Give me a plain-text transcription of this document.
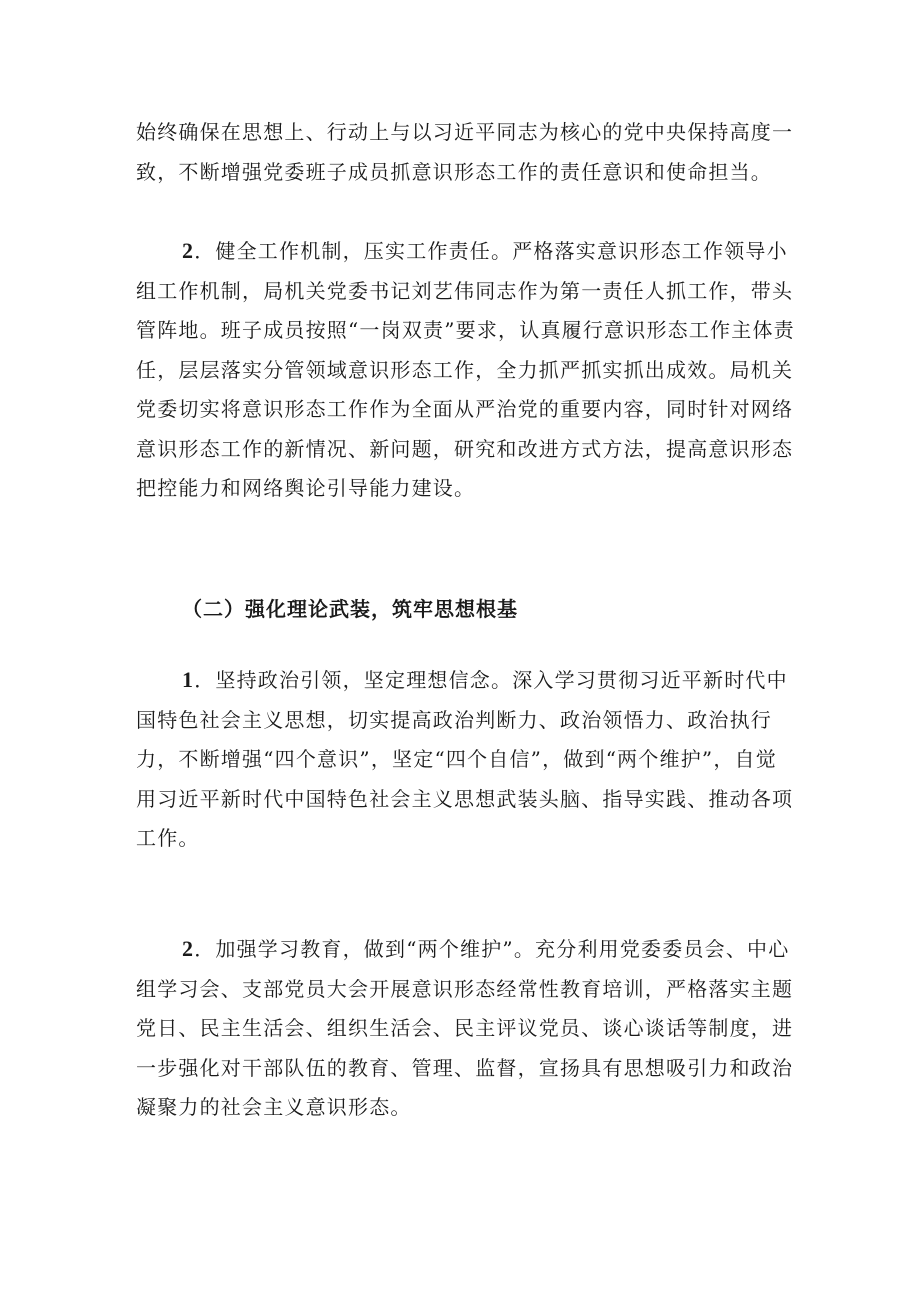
始终确保在思想上、行动上与以习近平同志为核心的党中央保持高度一致，不断增强党委班子成员抓意识形态工作的责任意识和使命担当。

2．健全工作机制，压实工作责任。严格落实意识形态工作领导小组工作机制，局机关党委书记刘艺伟同志作为第一责任人抓工作，带头管阵地。班子成员按照“一岗双责”要求，认真履行意识形态工作主体责任，层层落实分管领域意识形态工作，全力抓严抓实抓出成效。局机关党委切实将意识形态工作作为全面从严治党的重要内容，同时针对网络意识形态工作的新情况、新问题，研究和改进方式方法，提高意识形态把控能力和网络舆论引导能力建设。

（二）强化理论武装，筑牢思想根基

1．坚持政治引领，坚定理想信念。深入学习贯彻习近平新时代中国特色社会主义思想，切实提高政治判断力、政治领悟力、政治执行力，不断增强“四个意识”，坚定“四个自信”，做到“两个维护”，自觉用习近平新时代中国特色社会主义思想武装头脑、指导实践、推动各项工作。

2．加强学习教育，做到“两个维护”。充分利用党委委员会、中心组学习会、支部党员大会开展意识形态经常性教育培训，严格落实主题党日、民主生活会、组织生活会、民主评议党员、谈心谈话等制度，进一步强化对干部队伍的教育、管理、监督，宣扬具有思想吸引力和政治凝聚力的社会主义意识形态。
